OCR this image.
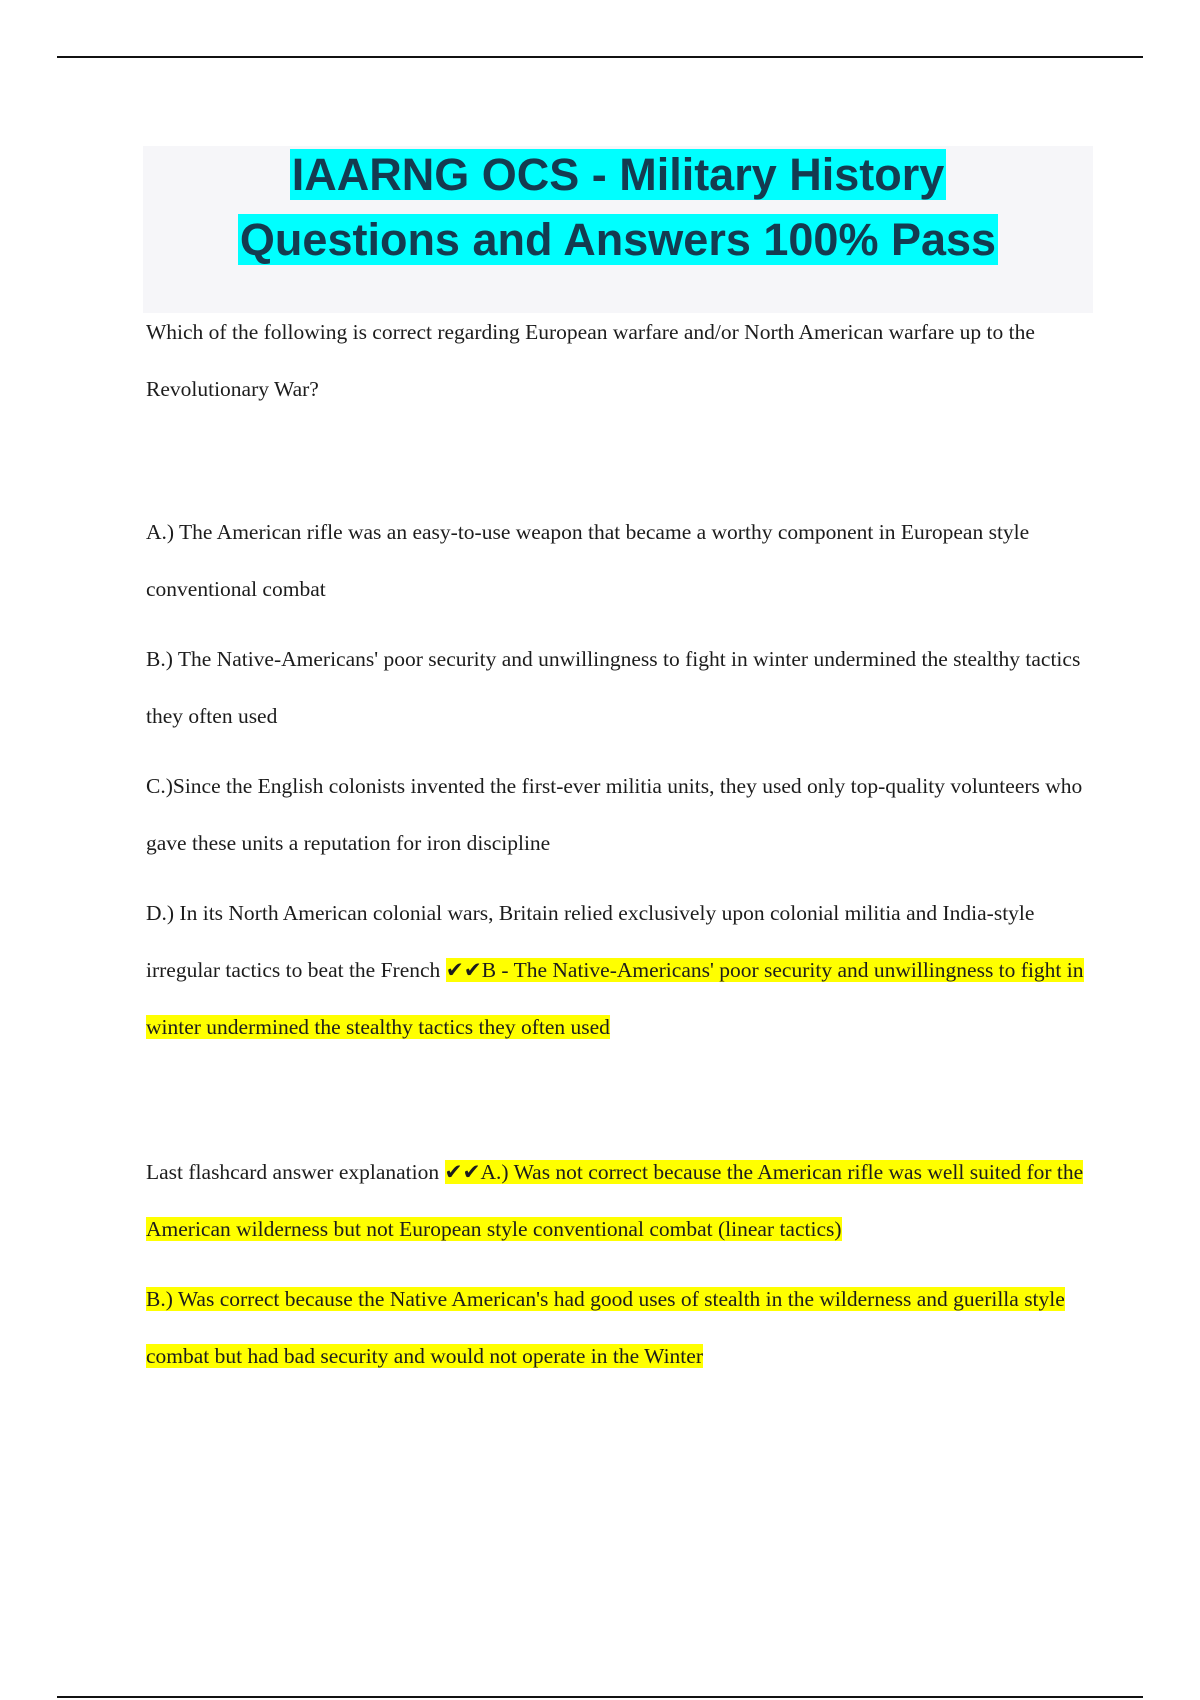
IAARNG OCS - Military History
Questions and Answers 100% Pass

Which of the following is correct regarding European warfare and/or North American warfare up to the Revolutionary War?

A.) The American rifle was an easy-to-use weapon that became a worthy component in European style conventional combat

B.) The Native-Americans' poor security and unwillingness to fight in winter undermined the stealthy tactics they often used

C.)Since the English colonists invented the first-ever militia units, they used only top-quality volunteers who gave these units a reputation for iron discipline

D.) In its North American colonial wars, Britain relied exclusively upon colonial militia and India-style irregular tactics to beat the French ✔✔B - The Native-Americans' poor security and unwillingness to fight in winter undermined the stealthy tactics they often used

Last flashcard answer explanation ✔✔A.) Was not correct because the American rifle was well suited for the American wilderness but not European style conventional combat (linear tactics)

B.) Was correct because the Native American's had good uses of stealth in the wilderness and guerilla style combat but had bad security and would not operate in the Winter
